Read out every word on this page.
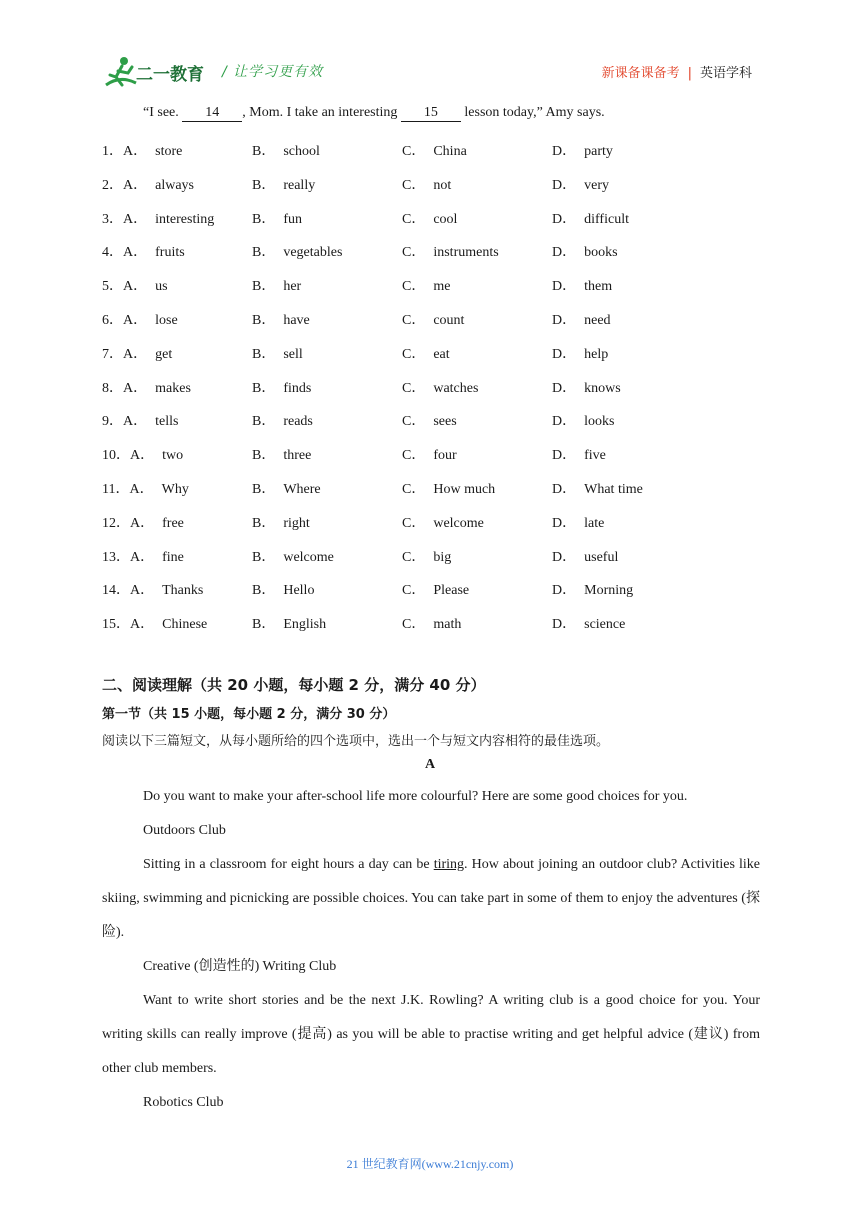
二一教育 / 让学习更有效	新课备课备考 | 英语学科
“I see. 14 , Mom. I take an interesting 15 lesson today,” Amy says.
1．A． store	B． school	C． China	D． party
2．A． always	B． really	C． not	D． very
3．A． interesting	B． fun	C． cool	D． difficult
4．A． fruits	B． vegetables	C． instruments	D． books
5．A． us	B． her	C． me	D． them
6．A． lose	B． have	C． count	D． need
7．A． get	B． sell	C． eat	D． help
8．A． makes	B． finds	C． watches	D． knows
9．A． tells	B． reads	C． sees	D． looks
10．A． two	B． three	C． four	D． five
11．A． Why	B． Where	C． How much	D． What time
12．A． free	B． right	C． welcome	D． late
13．A． fine	B． welcome	C． big	D． useful
14．A． Thanks	B． Hello	C． Please	D． Morning
15．A． Chinese	B． English	C． math	D． science
二、阅读理解（共 20 小题，每小题 2 分，满分 40 分）
第一节（共 15 小题，每小题 2 分，满分 30 分）
阅读以下三篇短文，从每小题所给的四个选项中，选出一个与短文内容相符的最佳选项。
A

Do you want to make your after-school life more colourful? Here are some good choices for you.

Outdoors Club

Sitting in a classroom for eight hours a day can be tiring. How about joining an outdoor club? Activities like skiing, swimming and picnicking are possible choices. You can take part in some of them to enjoy the adventures (探险).

Creative (创造性的) Writing Club

Want to write short stories and be the next J.K. Rowling? A writing club is a good choice for you. Your writing skills can really improve (提高) as you will be able to practise writing and get helpful advice (建议) from other club members.

Robotics Club

21 世纪教育网(www.21cnjy.com)
